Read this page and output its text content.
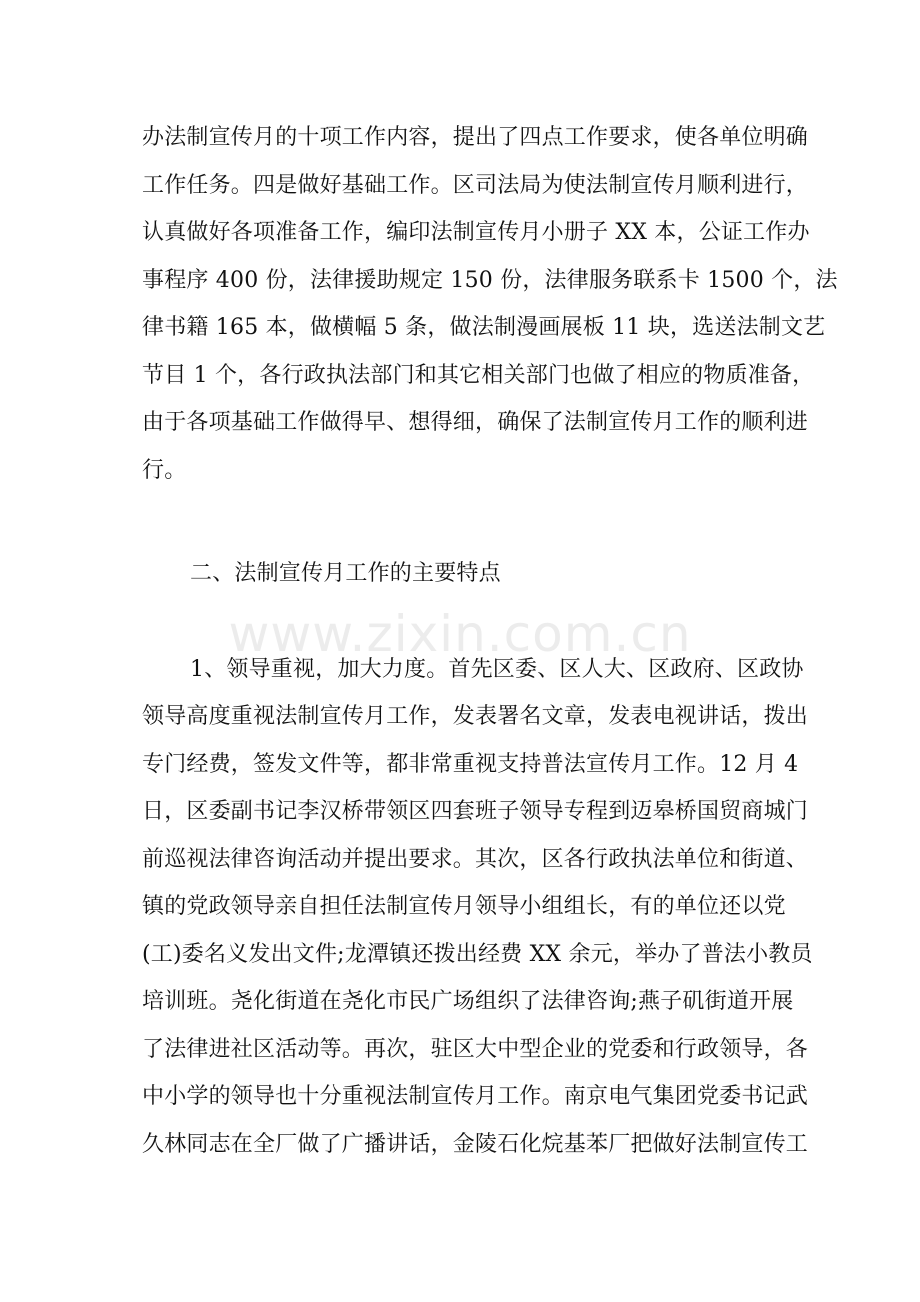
办法制宣传月的十项工作内容，提出了四点工作要求，使各单位明确
工作任务。四是做好基础工作。区司法局为使法制宣传月顺利进行，
认真做好各项准备工作，编印法制宣传月小册子 XX 本，公证工作办
事程序 400 份，法律援助规定 150 份，法律服务联系卡 1500 个，法
律书籍 165 本，做横幅 5 条，做法制漫画展板 11 块，选送法制文艺
节目 1 个，各行政执法部门和其它相关部门也做了相应的物质准备，
由于各项基础工作做得早、想得细，确保了法制宣传月工作的顺利进
行。
二、法制宣传月工作的主要特点
www.zixin.com.cn
1、领导重视，加大力度。首先区委、区人大、区政府、区政协
领导高度重视法制宣传月工作，发表署名文章，发表电视讲话，拨出
专门经费，签发文件等，都非常重视支持普法宣传月工作。12 月 4
日，区委副书记李汉桥带领区四套班子领导专程到迈皋桥国贸商城门
前巡视法律咨询活动并提出要求。其次，区各行政执法单位和街道、
镇的党政领导亲自担任法制宣传月领导小组组长，有的单位还以党
(工)委名义发出文件;龙潭镇还拨出经费 XX 余元，举办了普法小教员
培训班。尧化街道在尧化市民广场组织了法律咨询;燕子矶街道开展
了法律进社区活动等。再次，驻区大中型企业的党委和行政领导，各
中小学的领导也十分重视法制宣传月工作。南京电气集团党委书记武
久林同志在全厂做了广播讲话，金陵石化烷基苯厂把做好法制宣传工
